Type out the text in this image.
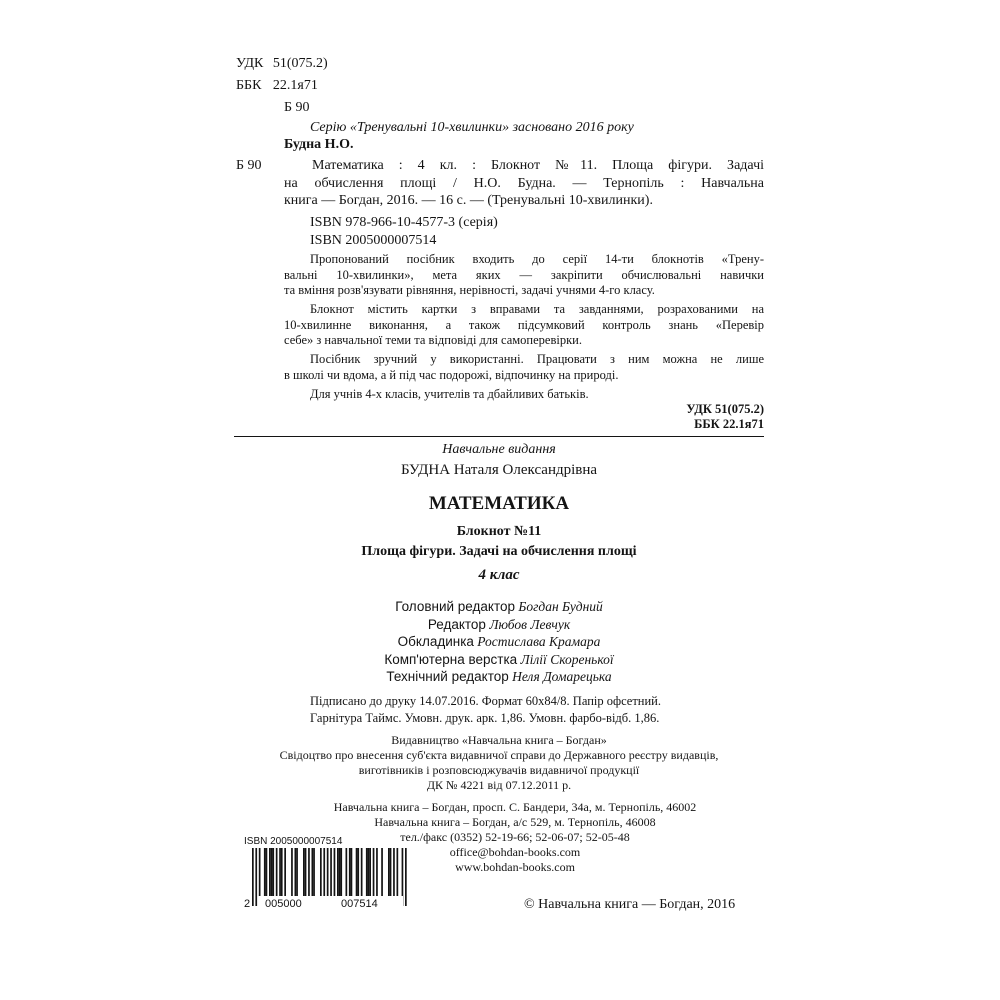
УДК 51(075.2)
ББК 22.1я71
Б 90
Серію «Тренувальні 10-хвилинки» засновано 2016 року
Будна Н.О.
Б 90	Математика : 4 кл. : Блокнот №11. Площа фігури. Задачі
на обчислення площі / Н.О. Будна. — Тернопіль : Навчальна
книга — Богдан, 2016. — 16 с. — (Тренувальні 10-хвилинки).
ISBN 978-966-10-4577-3 (серія)
ISBN 2005000007514
Пропонований посібник входить до серії 14-ти блокнотів «Трену-
вальні 10-хвилинки», мета яких — закріпити обчислювальні навички
та вміння розв'язувати рівняння, нерівності, задачі учнями 4-го класу.
Блокнот містить картки з вправами та завданнями, розрахованими на
10-хвилинне виконання, а також підсумковий контроль знань «Перевір
себе» з навчальної теми та відповіді для самоперевірки.
Посібник зручний у використанні. Працювати з ним можна не лише
в школі чи вдома, а й під час подорожі, відпочинку на природі.
Для учнів 4-х класів, учителів та дбайливих батьків.
УДК 51(075.2)
ББК 22.1я71
Навчальне видання
БУДНА Наталя Олександрівна
МАТЕМАТИКА
Блокнот №11
Площа фігури. Задачі на обчислення площі
4 клас
Головний редактор Богдан Будний
Редактор Любов Левчук
Обкладинка Ростислава Крамара
Комп'ютерна верстка Лілії Скоренької
Технічний редактор Неля Домарецька
Підписано до друку 14.07.2016. Формат 60х84/8. Папір офсетний.
Гарнітура Таймс. Умовн. друк. арк. 1,86. Умовн. фарбо-відб. 1,86.
Видавництво «Навчальна книга – Богдан»
Свідоцтво про внесення суб'єкта видавничої справи до Державного реєстру видавців,
виготівників і розповсюджувачів видавничої продукції
ДК № 4221 від 07.12.2011 р.
Навчальна книга – Богдан, просп. С. Бандери, 34а, м. Тернопіль, 46002
Навчальна книга – Богдан, а/с 529, м. Тернопіль, 46008
тел./факс (0352) 52-19-66; 52-06-07; 52-05-48
office@bohdan-books.com
www.bohdan-books.com
ISBN 2005000007514
2 005000	007514	© Навчальна книга — Богдан, 2016
